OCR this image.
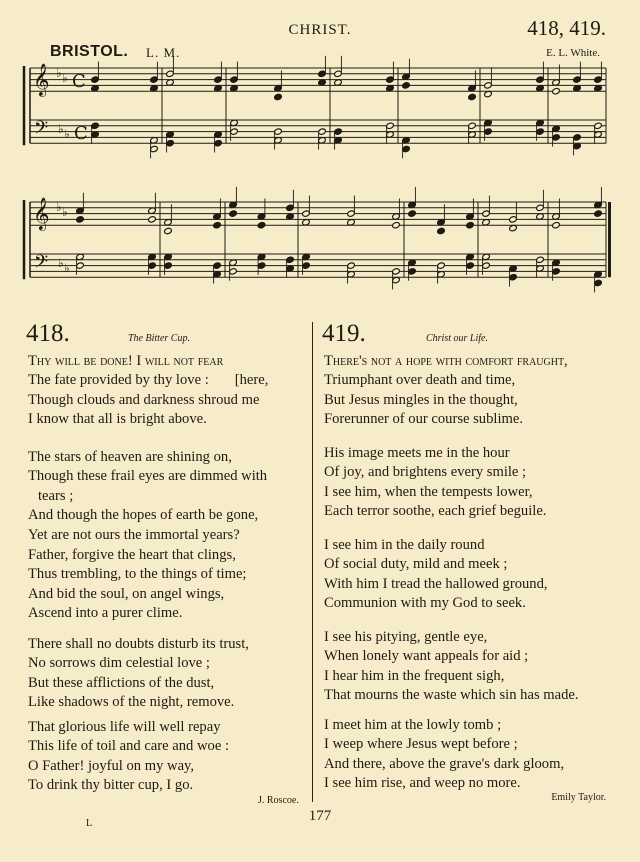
CHRIST.	418, 419.
BRISTOL. L. M.	E. L. White.
𝄞
𝄢
♭
♭
♭
♭
C
C
𝄞
𝄢
♭
♭
♭
♭
418.	The Bitter Cup.
Thy will be done! I will not fear
The fate provided by thy love : [here,
Though clouds and darkness shroud me
I know that all is bright above.
The stars of heaven are shining on,
Though these frail eyes are dimmed with
tears ;
And though the hopes of earth be gone,
Yet are not ours the immortal years?
Father, forgive the heart that clings,
Thus trembling, to the things of time;
And bid the soul, on angel wings,
Ascend into a purer clime.
There shall no doubts disturb its trust,
No sorrows dim celestial love ;
But these afflictions of the dust,
Like shadows of the night, remove.
That glorious life will well repay
This life of toil and care and woe :
O Father! joyful on my way,
To drink thy bitter cup, I go.
J. Roscoe.
419.	Christ our Life.
There's not a hope with comfort fraught,
Triumphant over death and time,
But Jesus mingles in the thought,
Forerunner of our course sublime.
His image meets me in the hour
Of joy, and brightens every smile ;
I see him, when the tempests lower,
Each terror soothe, each grief beguile.
I see him in the daily round
Of social duty, mild and meek ;
With him I tread the hallowed ground,
Communion with my God to seek.
I see his pitying, gentle eye,
When lonely want appeals for aid ;
I hear him in the frequent sigh,
That mourns the waste which sin has made.
I meet him at the lowly tomb ;
I weep where Jesus wept before ;
And there, above the grave's dark gloom,
I see him rise, and weep no more.
Emily Taylor.
L	177
